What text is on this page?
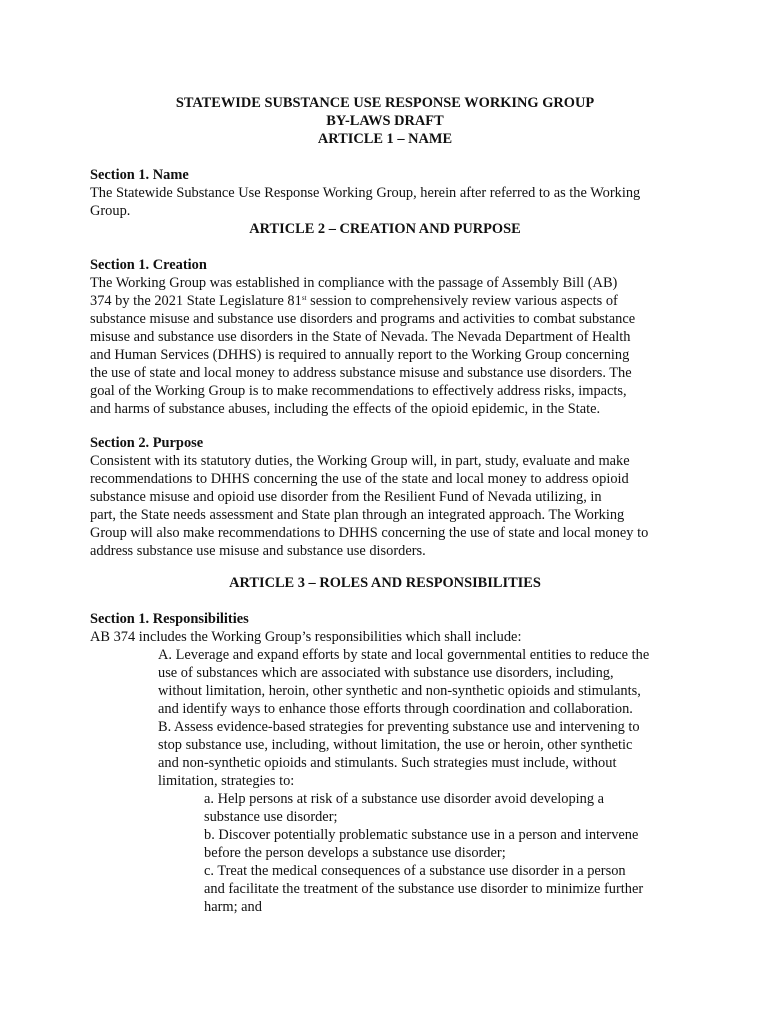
STATEWIDE SUBSTANCE USE RESPONSE WORKING GROUP
BY-LAWS DRAFT
ARTICLE 1 – NAME
Section 1. Name
The Statewide Substance Use Response Working Group, herein after referred to as the Working
Group.
ARTICLE 2 – CREATION AND PURPOSE
Section 1. Creation
The Working Group was established in compliance with the passage of Assembly Bill (AB)
374 by the 2021 State Legislature 81st session to comprehensively review various aspects of
substance misuse and substance use disorders and programs and activities to combat substance
misuse and substance use disorders in the State of Nevada. The Nevada Department of Health
and Human Services (DHHS) is required to annually report to the Working Group concerning
the use of state and local money to address substance misuse and substance use disorders. The
goal of the Working Group is to make recommendations to effectively address risks, impacts,
and harms of substance abuses, including the effects of the opioid epidemic, in the State.
Section 2. Purpose
Consistent with its statutory duties, the Working Group will, in part, study, evaluate and make
recommendations to DHHS concerning the use of the state and local money to address opioid
substance misuse and opioid use disorder from the Resilient Fund of Nevada utilizing, in
part, the State needs assessment and State plan through an integrated approach. The Working
Group will also make recommendations to DHHS concerning the use of state and local money to
address substance use misuse and substance use disorders.
ARTICLE 3 – ROLES AND RESPONSIBILITIES
Section 1. Responsibilities
AB 374 includes the Working Group’s responsibilities which shall include:
A. Leverage and expand efforts by state and local governmental entities to reduce the
use of substances which are associated with substance use disorders, including,
without limitation, heroin, other synthetic and non-synthetic opioids and stimulants,
and identify ways to enhance those efforts through coordination and collaboration.
B. Assess evidence-based strategies for preventing substance use and intervening to
stop substance use, including, without limitation, the use or heroin, other synthetic
and non-synthetic opioids and stimulants. Such strategies must include, without
limitation, strategies to:
a. Help persons at risk of a substance use disorder avoid developing a
substance use disorder;
b. Discover potentially problematic substance use in a person and intervene
before the person develops a substance use disorder;
c. Treat the medical consequences of a substance use disorder in a person
and facilitate the treatment of the substance use disorder to minimize further
harm; and
